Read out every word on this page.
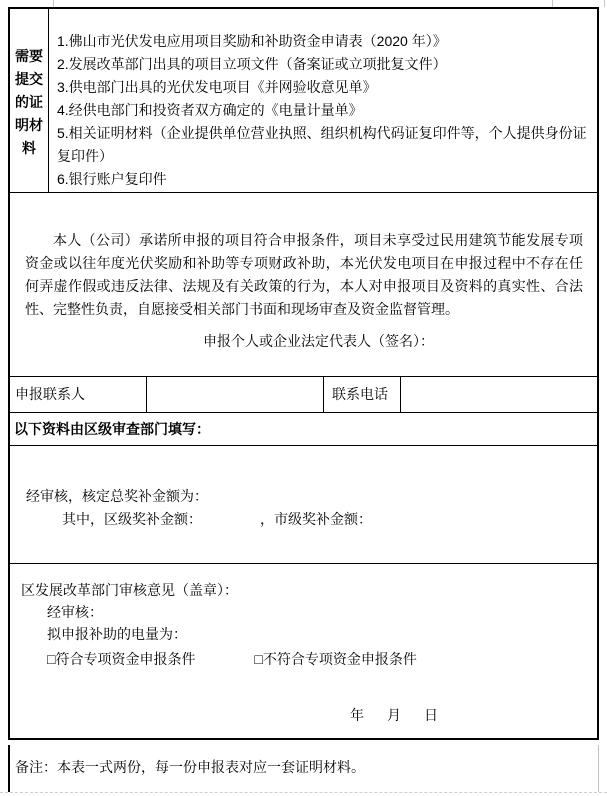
需要提交的证明材料
1.佛山市光伏发电应用项目奖励和补助资金申请表（2020 年）》
2.发展改革部门出具的项目立项文件（备案证或立项批复文件）
3.供电部门出具的光伏发电项目《并网验收意见单》
4.经供电部门和投资者双方确定的《电量计量单》
5.相关证明材料（企业提供单位营业执照、组织机构代码证复印件等，个人提供身份证复印件）
6.银行账户复印件
本人（公司）承诺所申报的项目符合申报条件，项目未享受过民用建筑节能发展专项资金或以往年度光伏奖励和补助等专项财政补助，本光伏发电项目在申报过程中不存在任何弄虚作假或违反法律、法规及有关政策的行为，本人对申报项目及资料的真实性、合法性、完整性负责，自愿接受相关部门书面和现场审查及资金监督管理。
申报个人或企业法定代表人（签名）：
申报联系人	联系电话
以下资料由区级审查部门填写：
经审核，核定总奖补金额为：
其中，区级奖补金额：	，市级奖补金额：
区发展改革部门审核意见（盖章）：
经审核：
拟申报补助的电量为：
□符合专项资金申报条件	□不符合专项资金申报条件
年 月 日
备注：本表一式两份，每一份申报表对应一套证明材料。
